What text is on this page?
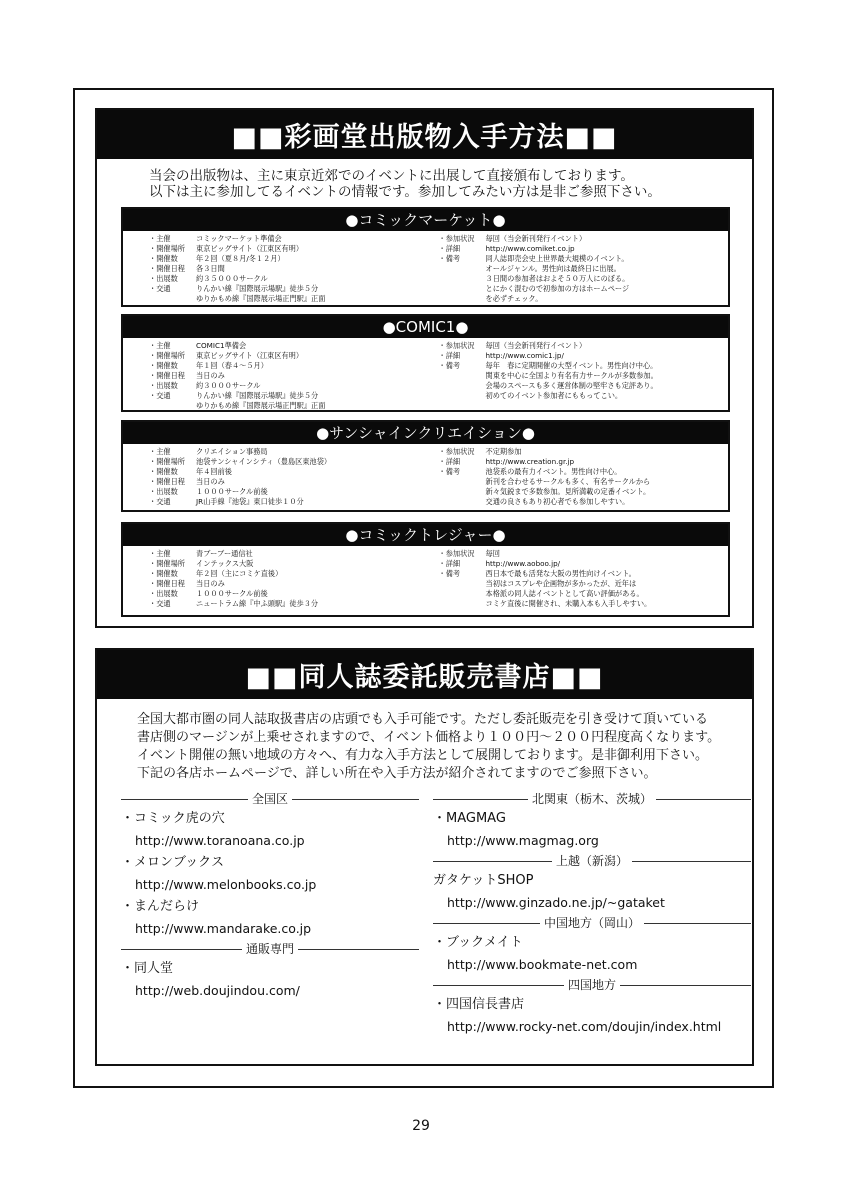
■■彩画堂出版物入手方法■■
当会の出版物は、主に東京近郊でのイベントに出展して直接頒布しております。
以下は主に参加してるイベントの情報です。参加してみたい方は是非ご参照下さい。
●コミックマーケット●
・主催	コミックマーケット準備会
・開催場所	東京ビッグサイト（江東区有明）
・開催数	年２回（夏８月/冬１２月）
・開催日程	各３日間
・出展数	約３５０００サークル
・交通	りんかい線『国際展示場駅』徒歩５分
ゆりかもめ線『国際展示場正門駅』正面
・参加状況	毎回（当会新刊発行イベント）
・詳細	http://www.comiket.co.jp
・備考	同人誌即売会史上世界最大規模のイベント。
オールジャンル。男性向は最終日に出展。
３日間の参加者はおよそ５０万人にのぼる。
とにかく混むので初参加の方はホームページ
を必ずチェック。
●COMIC1●
・主催	COMIC1準備会
・開催場所	東京ビッグサイト（江東区有明）
・開催数	年１回（春４～５月）
・開催日程	当日のみ
・出展数	約３０００サークル
・交通	りんかい線『国際展示場駅』徒歩５分
ゆりかもめ線『国際展示場正門駅』正面
・参加状況	毎回（当会新刊発行イベント）
・詳細	http://www.comic1.jp/
・備考	毎年　春に定期開催の大型イベント。男性向け中心。
関東を中心に全国より有名有力サークルが多数参加。
会場のスペースも多く運営体制の堅牢さも定評あり。
初めてのイベント参加者にももってこい。
●サンシャインクリエイション●
・主催	クリエイション事務局
・開催場所	池袋サンシャインシティ（豊島区東池袋）
・開催数	年４回前後
・開催日程	当日のみ
・出展数	１０００サークル前後
・交通	JR山手線『池袋』東口徒歩１０分
・参加状況	不定期参加
・詳細	http://www.creation.gr.jp
・備考	池袋系の最有力イベント。男性向け中心。
新刊を合わせるサークルも多く、有名サークルから
新々気鋭まで多数参加。見所満載の定番イベント。
交通の良さもあり初心者でも参加しやすい。
●コミックトレジャー●
・主催	青ブーブー通信社
・開催場所	インテックス大阪
・開催数	年２回（主にコミケ直後）
・開催日程	当日のみ
・出展数	１０００サークル前後
・交通	ニュートラム線『中ふ頭駅』徒歩３分
・参加状況	毎回
・詳細	http://www.aoboo.jp/
・備考	西日本で最も活発な大阪の男性向けイベント。
当初はコスプレや企画物が多かったが、近年は
本格派の同人誌イベントとして高い評価がある。
コミケ直後に開催され、未購入本も入手しやすい。
■■同人誌委託販売書店■■
全国大都市圏の同人誌取扱書店の店頭でも入手可能です。ただし委託販売を引き受けて頂いている
書店側のマージンが上乗せされますので、イベント価格より１００円～２００円程度高くなります。
イベント開催の無い地域の方々へ、有力な入手方法として展開しております。是非御利用下さい。
下記の各店ホームページで、詳しい所在や入手方法が紹介されてますのでご参照下さい。
全国区
・コミック虎の穴
http://www.toranoana.co.jp
・メロンブックス
http://www.melonbooks.co.jp
・まんだらけ
http://www.mandarake.co.jp
通販専門
・同人堂
http://web.doujindou.com/
北関東（栃木、茨城）
・MAGMAG
http://www.magmag.org
上越（新潟）
ガタケットSHOP
http://www.ginzado.ne.jp/~gataket
中国地方（岡山）
・ブックメイト
http://www.bookmate-net.com
四国地方
・四国信長書店
http://www.rocky-net.com/doujin/index.html
29
